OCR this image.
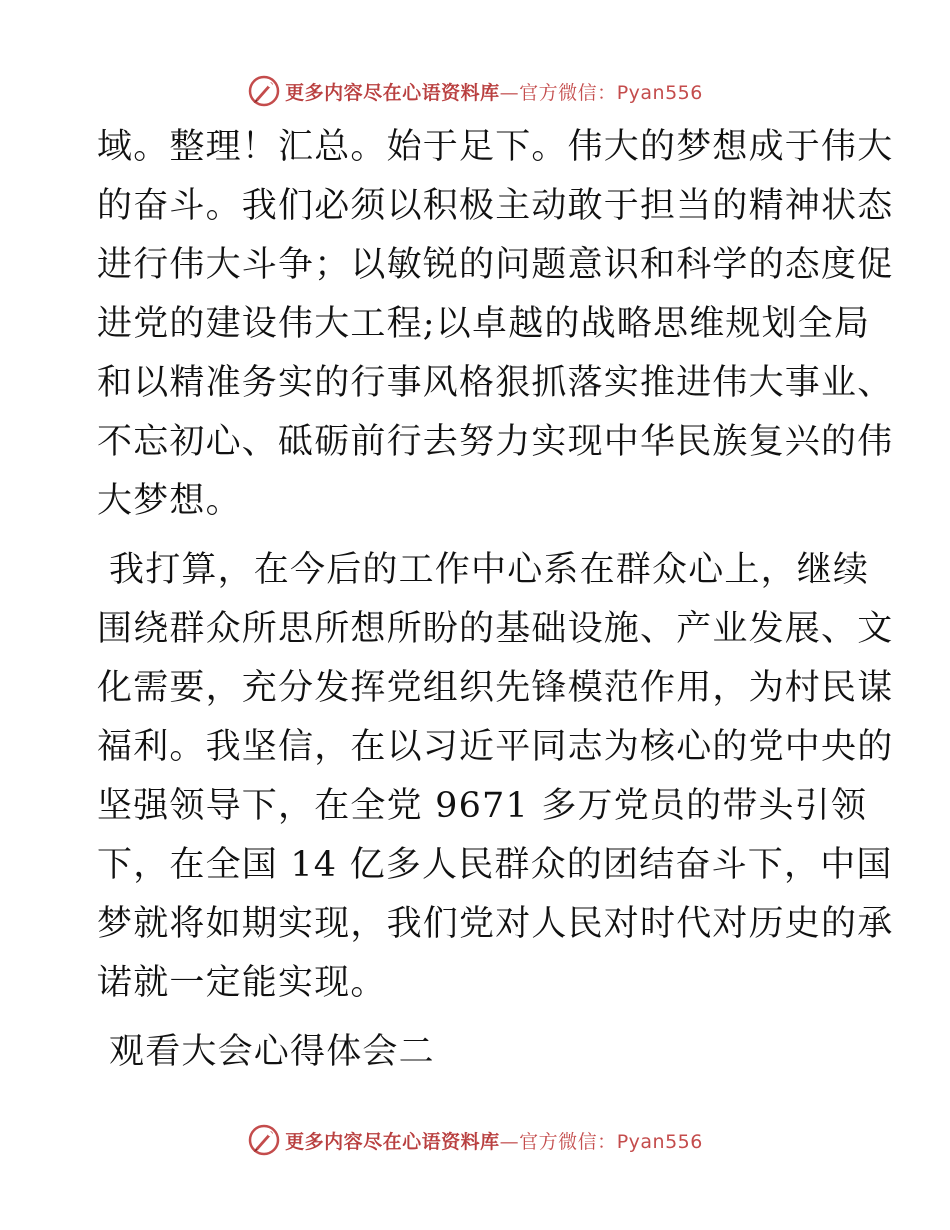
更多内容尽在心语资料库—官方微信：Pyan556
域。整理！汇总。始于足下。伟大的梦想成于伟大
的奋斗。我们必须以积极主动敢于担当的精神状态
进行伟大斗争；以敏锐的问题意识和科学的态度促
进党的建设伟大工程;以卓越的战略思维规划全局
和以精准务实的行事风格狠抓落实推进伟大事业、
不忘初心、砥砺前行去努力实现中华民族复兴的伟
大梦想。
我打算，在今后的工作中心系在群众心上，继续
围绕群众所思所想所盼的基础设施、产业发展、文
化需要，充分发挥党组织先锋模范作用，为村民谋
福利。我坚信，在以习近平同志为核心的党中央的
坚强领导下，在全党 9671 多万党员的带头引领
下，在全国 14 亿多人民群众的团结奋斗下，中国
梦就将如期实现，我们党对人民对时代对历史的承
诺就一定能实现。
观看大会心得体会二
更多内容尽在心语资料库—官方微信：Pyan556
